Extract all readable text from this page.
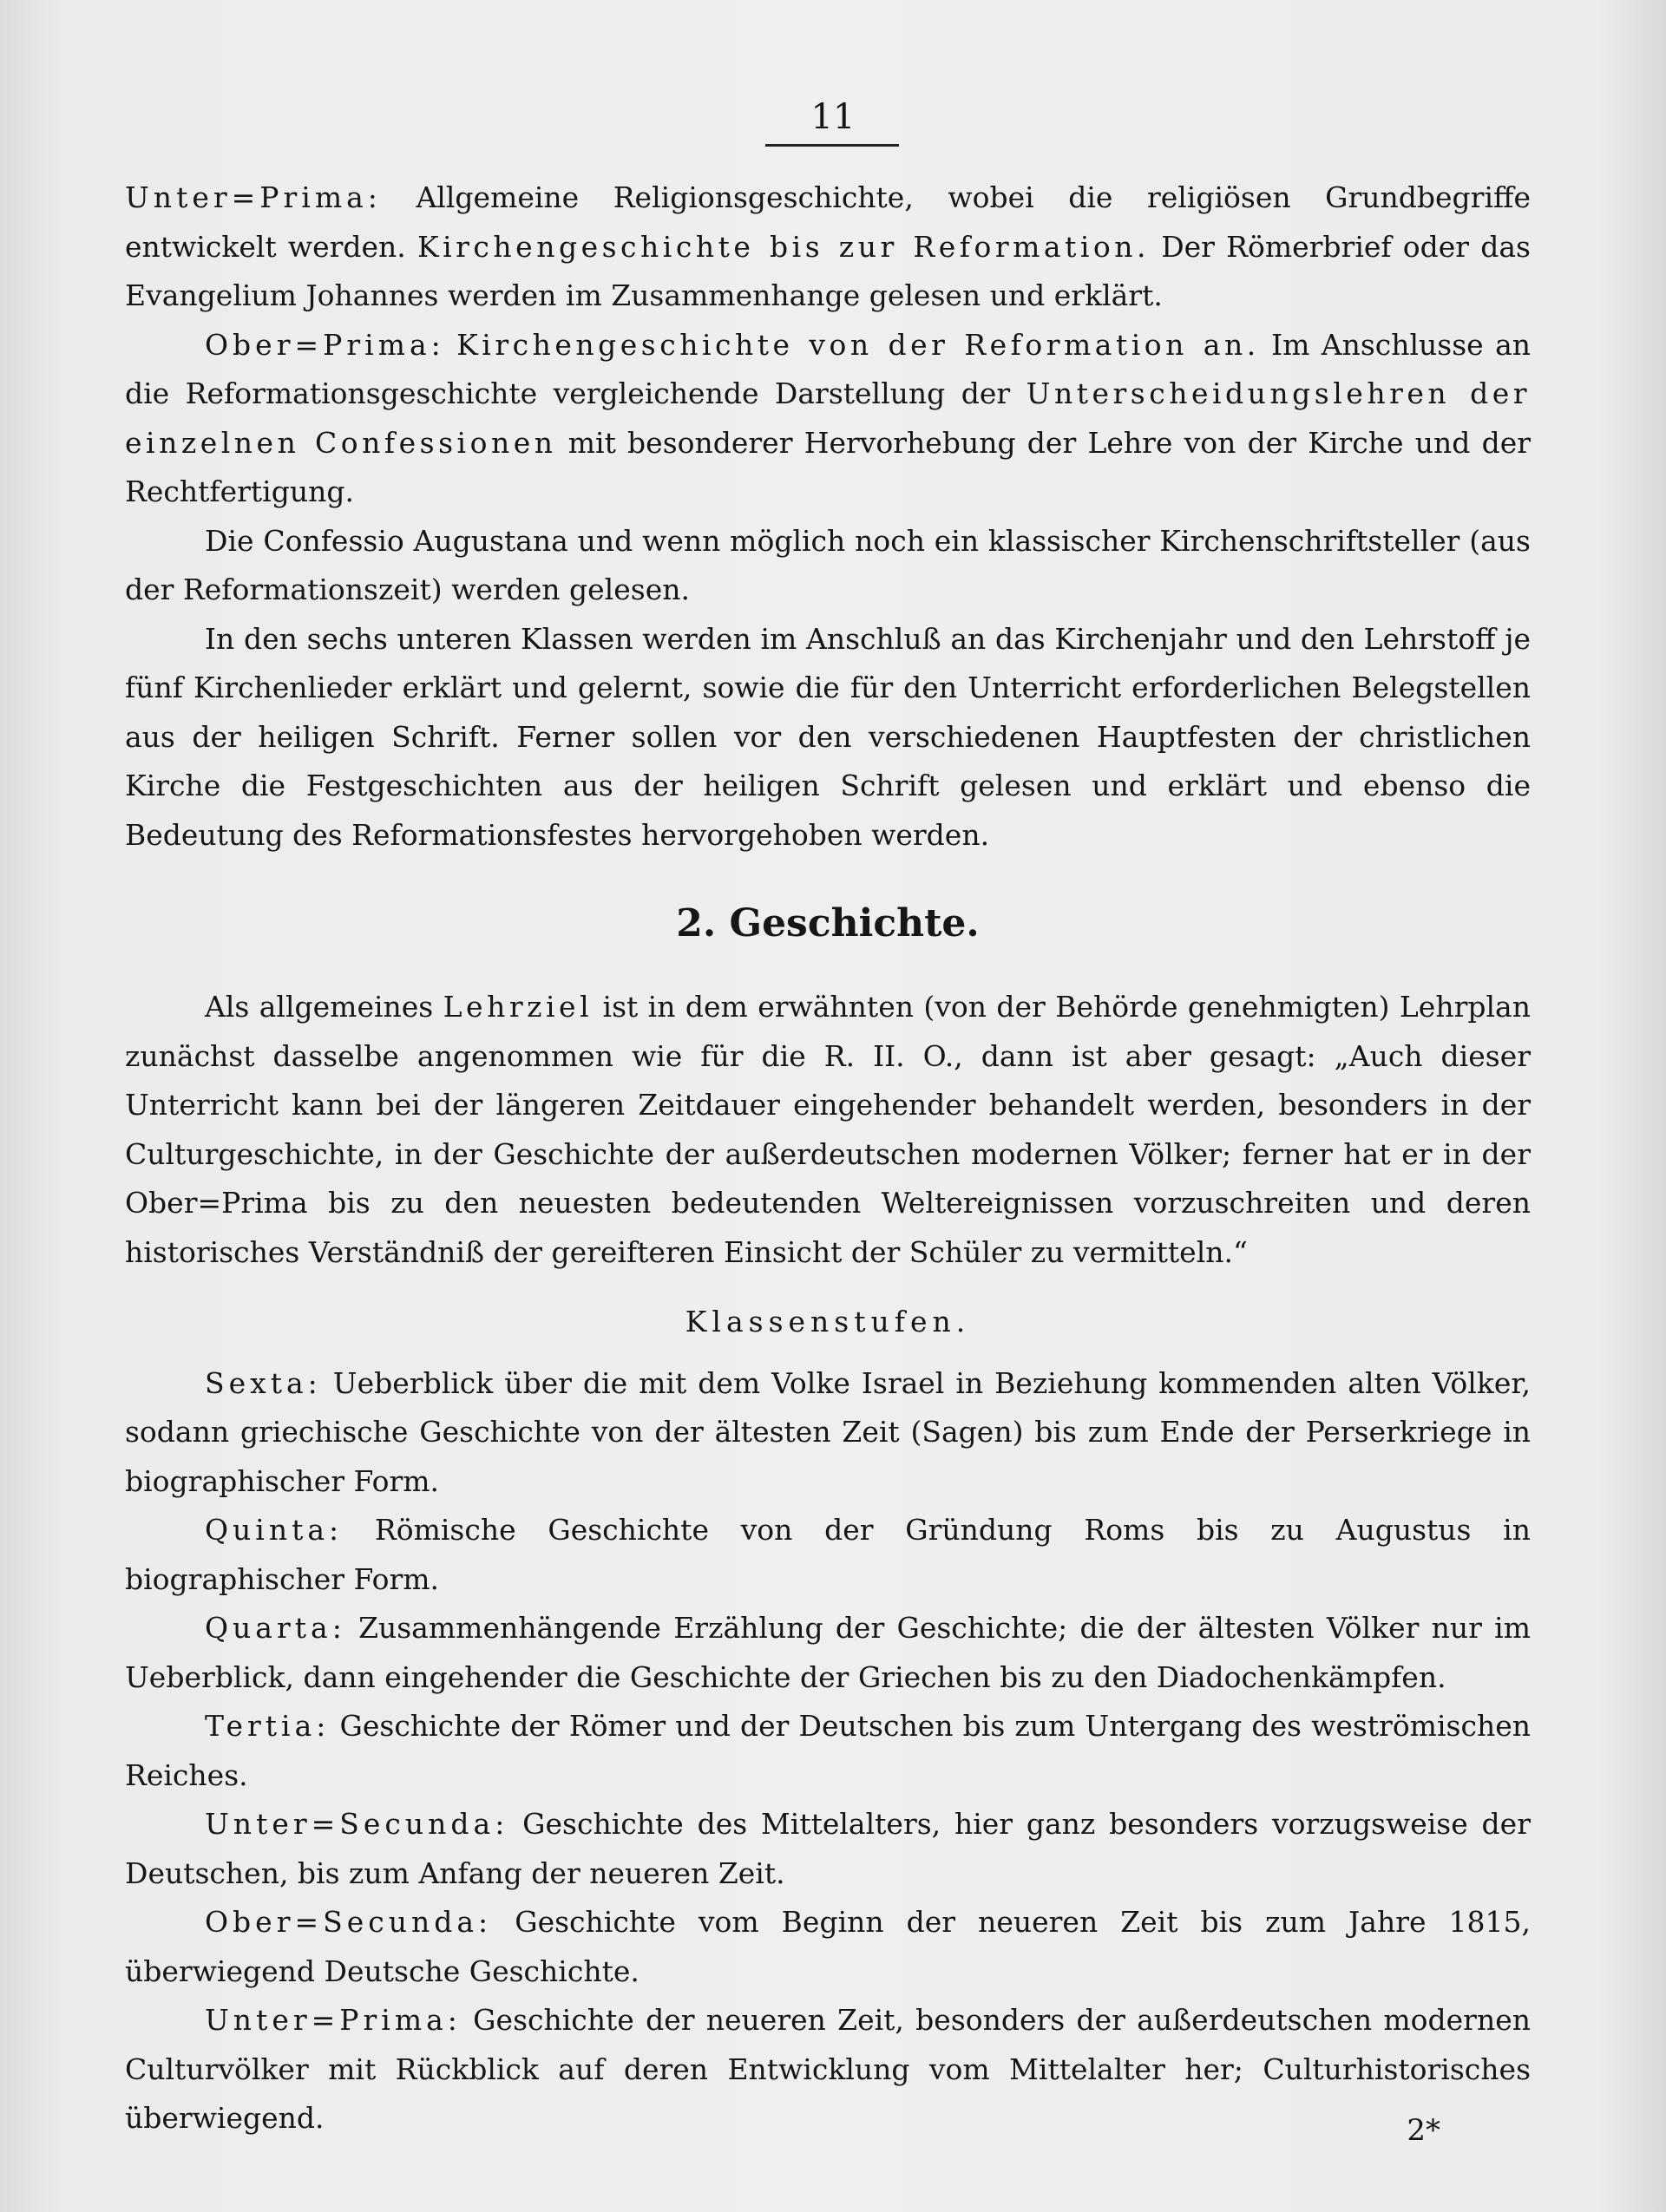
11

Unter=Prima: Allgemeine Religionsgeschichte, wobei die religiösen Grundbegriffe entwickelt werden. Kirchengeschichte bis zur Reformation. Der Römerbrief oder das Evangelium Johannes werden im Zusammenhange gelesen und erklärt.

Ober=Prima: Kirchengeschichte von der Reformation an. Im Anschlusse an die Reformationsgeschichte vergleichende Darstellung der Unterscheidungslehren der einzelnen Confessionen mit besonderer Hervorhebung der Lehre von der Kirche und der Rechtfertigung.

Die Confessio Augustana und wenn möglich noch ein klassischer Kirchenschriftsteller (aus der Reformationszeit) werden gelesen.

In den sechs unteren Klassen werden im Anschluß an das Kirchenjahr und den Lehrstoff je fünf Kirchenlieder erklärt und gelernt, sowie die für den Unterricht erforderlichen Belegstellen aus der heiligen Schrift. Ferner sollen vor den verschiedenen Hauptfesten der christlichen Kirche die Festgeschichten aus der heiligen Schrift gelesen und erklärt und ebenso die Bedeutung des Reformationsfestes hervorgehoben werden.

2. Geschichte.

Als allgemeines Lehrziel ist in dem erwähnten (von der Behörde genehmigten) Lehrplan zunächst dasselbe angenommen wie für die R. II. O., dann ist aber gesagt: „Auch dieser Unterricht kann bei der längeren Zeitdauer eingehender behandelt werden, besonders in der Culturgeschichte, in der Geschichte der außerdeutschen modernen Völker; ferner hat er in der Ober=Prima bis zu den neuesten bedeutenden Weltereignissen vorzuschreiten und deren historisches Verständniß der gereifteren Einsicht der Schüler zu vermitteln.“

Klassenstufen.

Sexta: Ueberblick über die mit dem Volke Israel in Beziehung kommenden alten Völker, sodann griechische Geschichte von der ältesten Zeit (Sagen) bis zum Ende der Perserkriege in biographischer Form.

Quinta: Römische Geschichte von der Gründung Roms bis zu Augustus in biographischer Form.

Quarta: Zusammenhängende Erzählung der Geschichte; die der ältesten Völker nur im Ueberblick, dann eingehender die Geschichte der Griechen bis zu den Diadochenkämpfen.

Tertia: Geschichte der Römer und der Deutschen bis zum Untergang des weströmischen Reiches.

Unter=Secunda: Geschichte des Mittelalters, hier ganz besonders vorzugsweise der Deutschen, bis zum Anfang der neueren Zeit.

Ober=Secunda: Geschichte vom Beginn der neueren Zeit bis zum Jahre 1815, überwiegend Deutsche Geschichte.

Unter=Prima: Geschichte der neueren Zeit, besonders der außerdeutschen modernen Culturvölker mit Rückblick auf deren Entwicklung vom Mittelalter her; Culturhistorisches überwiegend.	2*
